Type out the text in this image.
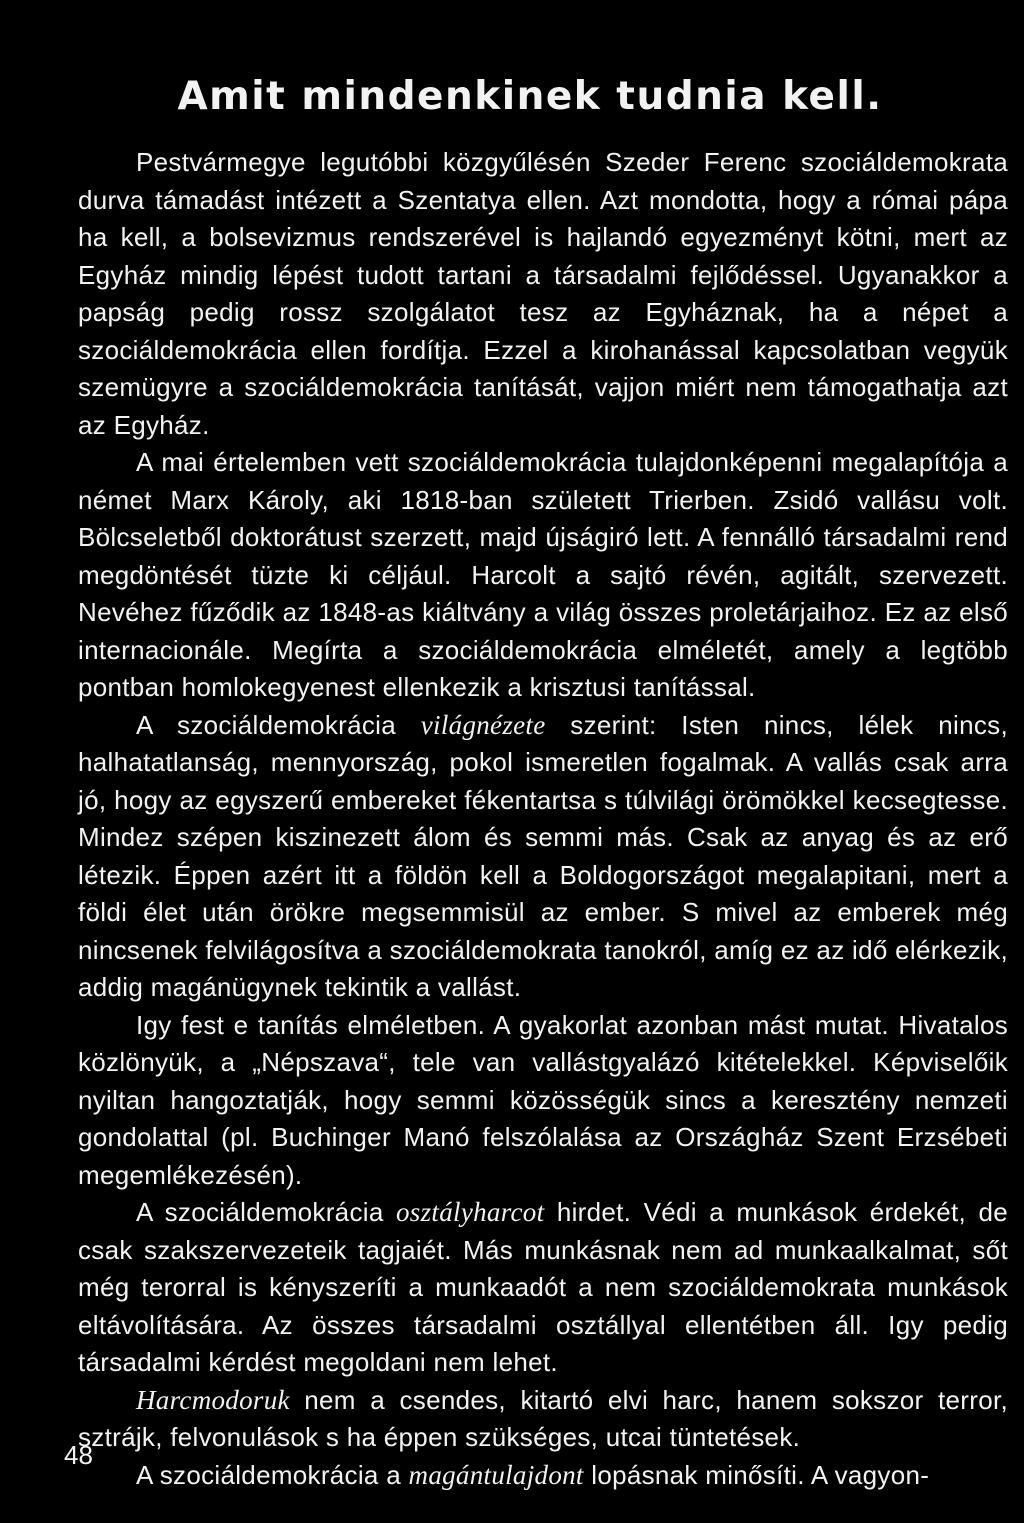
Amit mindenkinek tudnia kell.

Pestvármegye legutóbbi közgyűlésén Szeder Ferenc szociáldemokrata durva támadást intézett a Szentatya ellen. Azt mondotta, hogy a római pápa ha kell, a bolsevizmus rendszerével is hajlandó egyezményt kötni, mert az Egyház mindig lépést tudott tartani a társadalmi fejlődéssel. Ugyanakkor a papság pedig rossz szolgálatot tesz az Egyháznak, ha a népet a szociáldemokrácia ellen fordítja. Ezzel a kirohanással kapcsolatban vegyük szemügyre a szociáldemokrácia tanítását, vajjon miért nem támogathatja azt az Egyház.

A mai értelemben vett szociáldemokrácia tulajdonképenni megalapítója a német Marx Károly, aki 1818-ban született Trierben. Zsidó vallásu volt. Bölcseletből doktorátust szerzett, majd újságiró lett. A fennálló társadalmi rend megdöntését tüzte ki céljául. Harcolt a sajtó révén, agitált, szervezett. Nevéhez fűződik az 1848-as kiáltvány a világ összes proletárjaihoz. Ez az első internacionále. Megírta a szociáldemokrácia elméletét, amely a legtöbb pontban homlokegyenest ellenkezik a krisztusi tanítással.

A szociáldemokrácia világnézete szerint: Isten nincs, lélek nincs, halhatatlanság, mennyország, pokol ismeretlen fogalmak. A vallás csak arra jó, hogy az egyszerű embereket fékentartsa s túlvilági örömökkel kecsegtesse. Mindez szépen kiszinezett álom és semmi más. Csak az anyag és az erő létezik. Éppen azért itt a földön kell a Boldogországot megalapitani, mert a földi élet után örökre megsemmisül az ember. S mivel az emberek még nincsenek felvilágosítva a szociáldemokrata tanokról, amíg ez az idő elérkezik, addig magánügynek tekintik a vallást.

Igy fest e tanítás elméletben. A gyakorlat azonban mást mutat. Hivatalos közlönyük, a „Népszava“, tele van vallástgyalázó kitételekkel. Képviselőik nyiltan hangoztatják, hogy semmi közösségük sincs a keresztény nemzeti gondolattal (pl. Buchinger Manó felszólalása az Országház Szent Erzsébeti megemlékezésén).

A szociáldemokrácia osztályharcot hirdet. Védi a munkások érdekét, de csak szakszervezeteik tagjaiét. Más munkásnak nem ad munkaalkalmat, sőt még terorral is kényszeríti a munkaadót a nem szociáldemokrata munkások eltávolítására. Az összes társadalmi osztállyal ellentétben áll. Igy pedig társadalmi kérdést megoldani nem lehet.

Harcmodoruk nem a csendes, kitartó elvi harc, hanem sokszor terror, sztrájk, felvonulások s ha éppen szükséges, utcai tüntetések.

A szociáldemokrácia a magántulajdont lopásnak minősíti. A vagyon-

48
